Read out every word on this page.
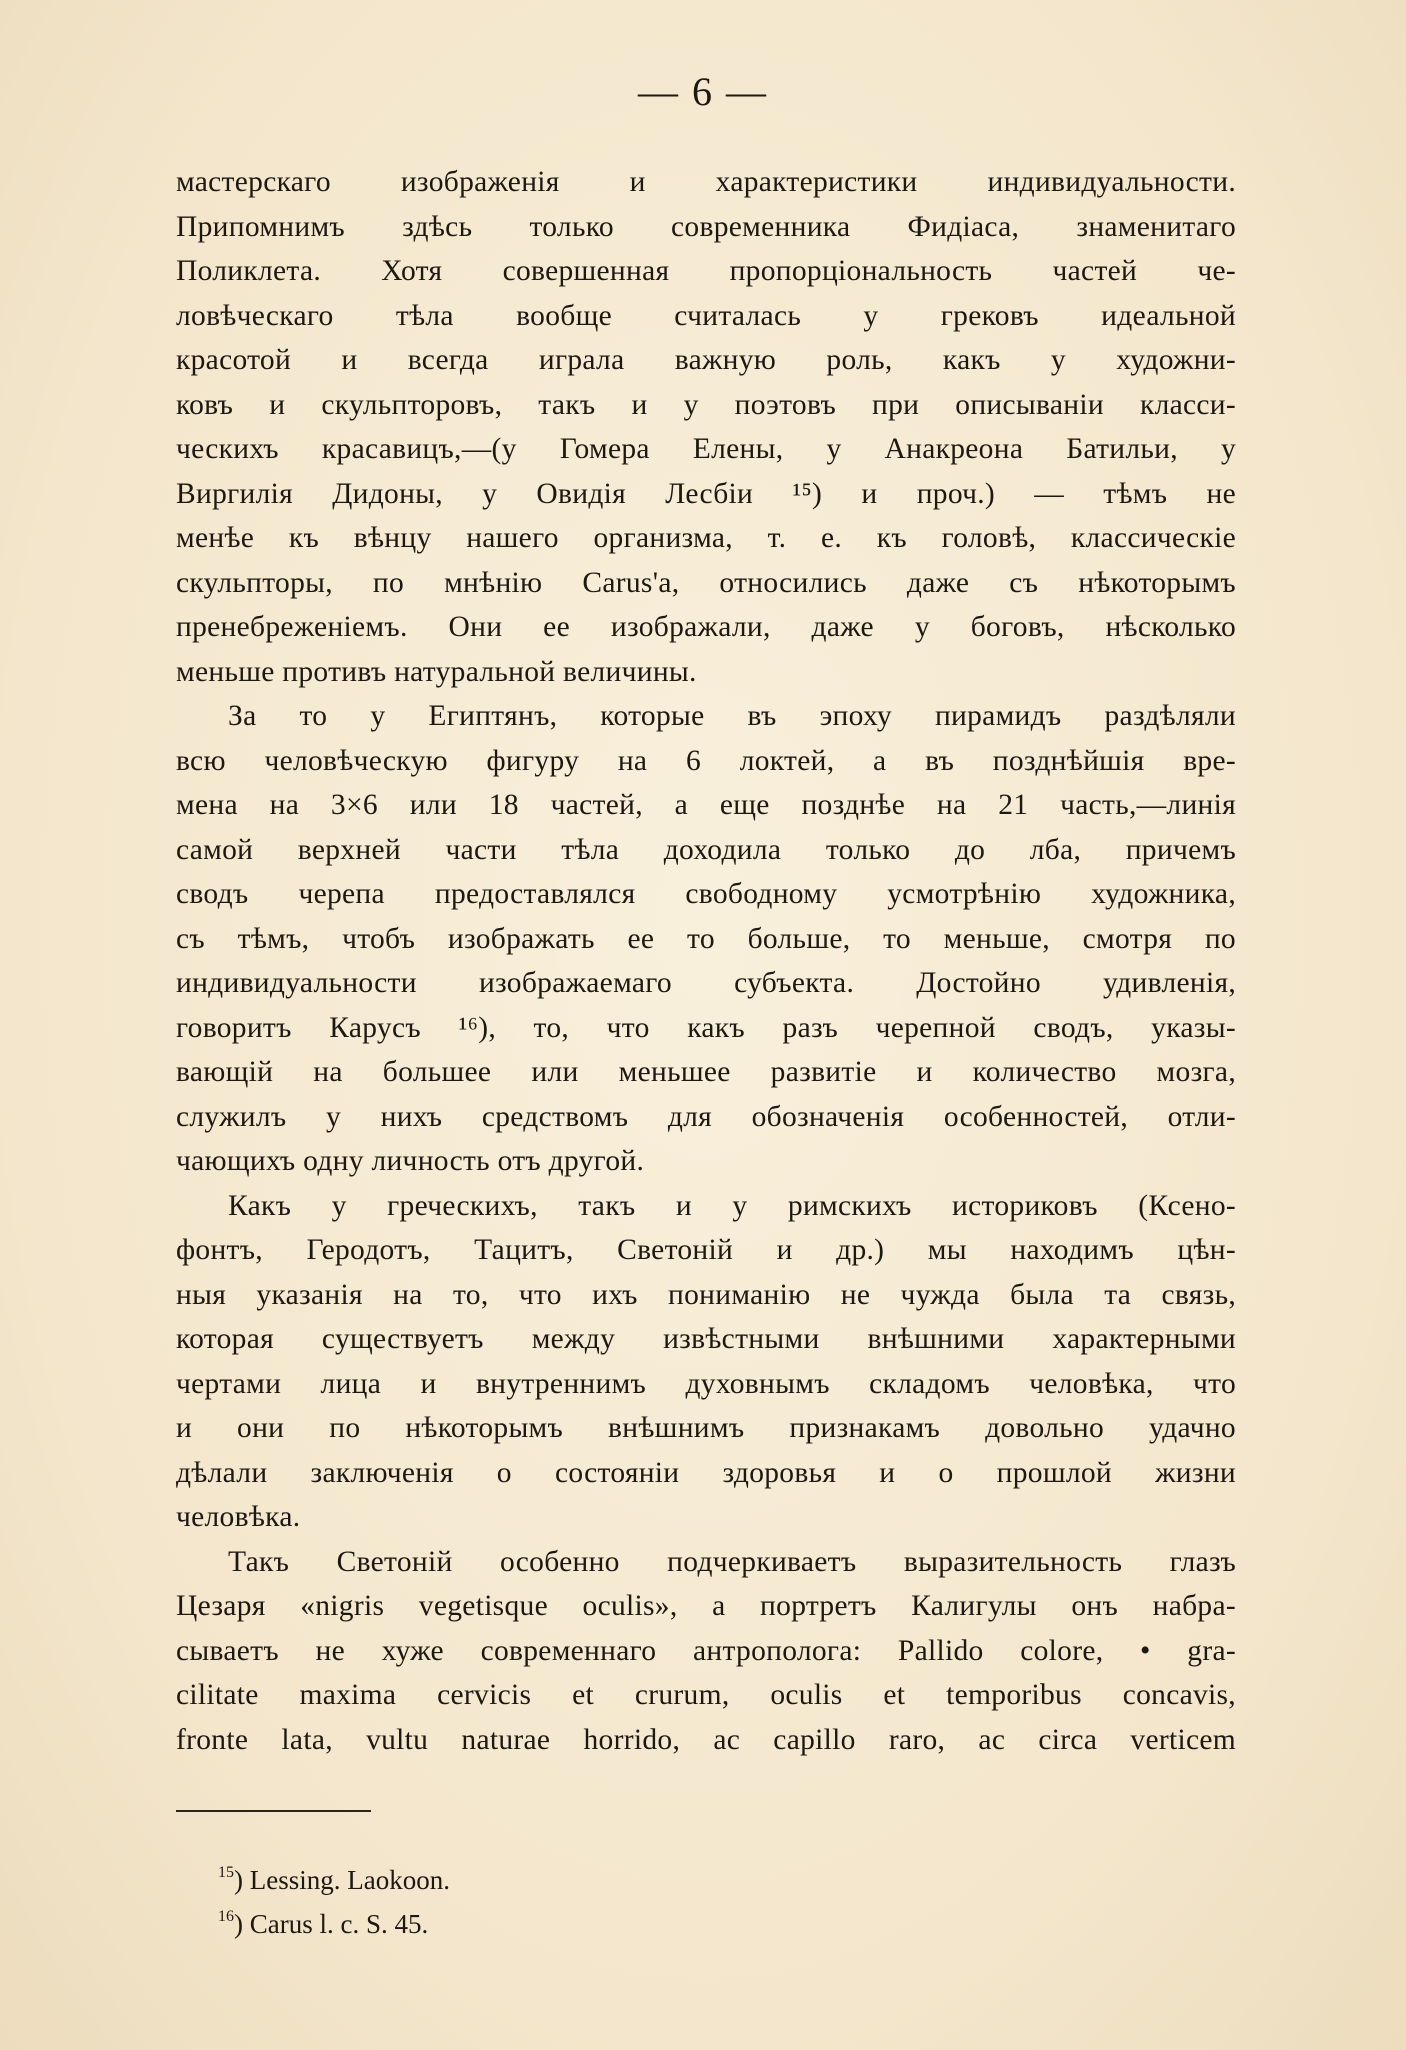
— 6 —
мастерскаго изображенія и характеристики индивидуальности.
Припомнимъ здѣсь только современника Фидіаса, знаменитаго
Поликлета. Хотя совершенная пропорціональность частей че-
ловѣческаго тѣла вообще считалась у грековъ идеальной
красотой и всегда играла важную роль, какъ у художни-
ковъ и скульпторовъ, такъ и у поэтовъ при описываніи класси-
ческихъ красавицъ,—(у Гомера Елены, у Анакреона Батильи, у
Виргилія Дидоны, у Овидія Лесбіи ¹⁵) и проч.) — тѣмъ не
менѣе къ вѣнцу нашего организма, т. е. къ головѣ, классическіе
скульпторы, по мнѣнію Carus'a, относились даже съ нѣкоторымъ
пренебреженіемъ. Они ее изображали, даже у боговъ, нѣсколько
меньше противъ натуральной величины.
За то у Египтянъ, которые въ эпоху пирамидъ раздѣляли
всю человѣческую фигуру на 6 локтей, а въ позднѣйшія вре-
мена на 3×6 или 18 частей, а еще позднѣе на 21 часть,—линія
самой верхней части тѣла доходила только до лба, причемъ
сводъ черепа предоставлялся свободному усмотрѣнію художника,
съ тѣмъ, чтобъ изображать ее то больше, то меньше, смотря по
индивидуальности изображаемаго субъекта. Достойно удивленія,
говоритъ Карусъ ¹⁶), то, что какъ разъ черепной сводъ, указы-
вающій на большее или меньшее развитіе и количество мозга,
служилъ у нихъ средствомъ для обозначенія особенностей, отли-
чающихъ одну личность отъ другой.
Какъ у греческихъ, такъ и у римскихъ историковъ (Ксено-
фонтъ, Геродотъ, Тацитъ, Светоній и др.) мы находимъ цѣн-
ныя указанія на то, что ихъ пониманію не чужда была та связь,
которая существуетъ между извѣстными внѣшними характерными
чертами лица и внутреннимъ духовнымъ складомъ человѣка, что
и они по нѣкоторымъ внѣшнимъ признакамъ довольно удачно
дѣлали заключенія о состояніи здоровья и о прошлой жизни
человѣка.
Такъ Светоній особенно подчеркиваетъ выразительность глазъ
Цезаря «nigris vegetisque oculis», а портретъ Калигулы онъ набра-
сываетъ не хуже современнаго антрополога: Pallido colore, • gra-
cilitate maxima cervicis et crurum, oculis et temporibus concavis,
fronte lata, vultu naturae horrido, ac capillo raro, ac circa verticem

$^{15}$) Lessing. Laokoon.

$^{16}$) Carus l. c. S. 45.
